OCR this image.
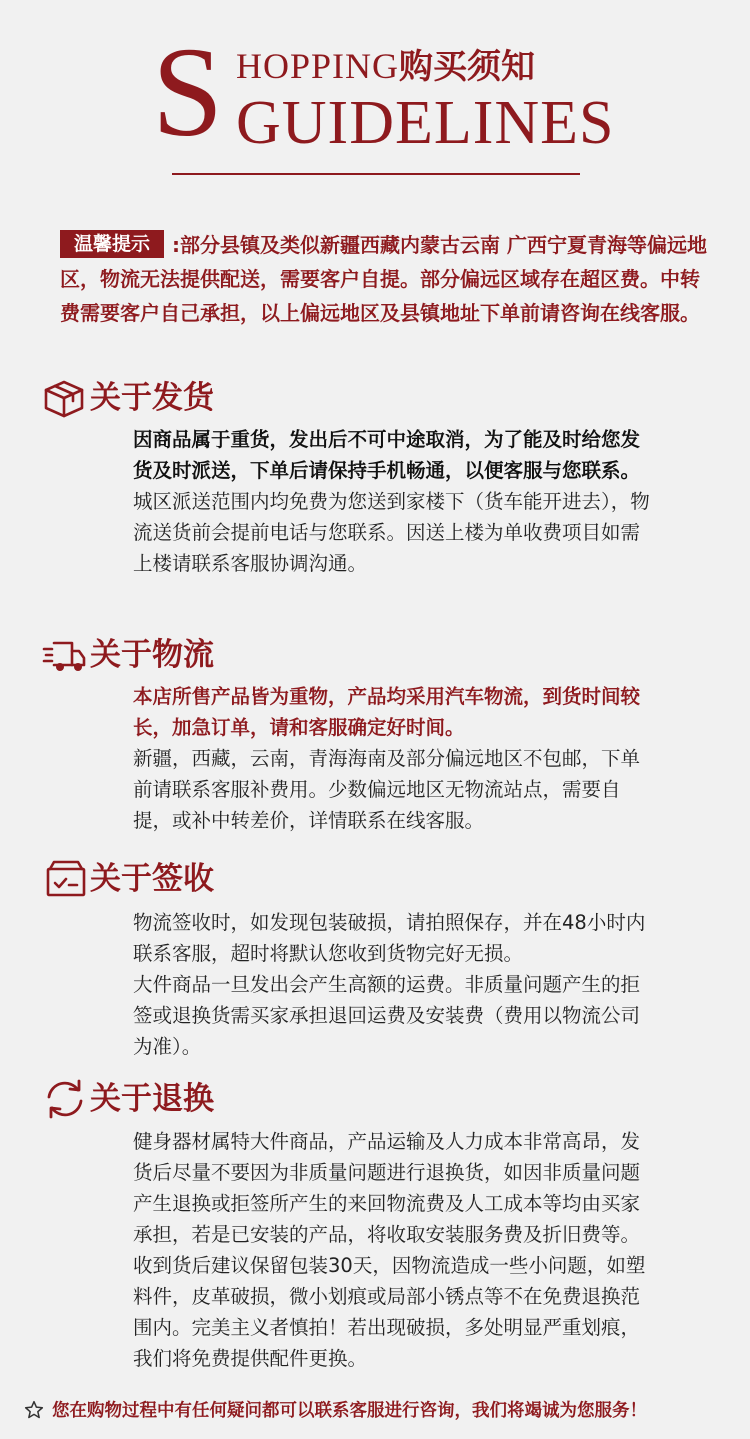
S HOPPING购买须知
GUIDELINES
温馨提示 :部分县镇及类似新疆西藏内蒙古云南 广西宁夏青海等偏远地区，物流无法提供配送，需要客户自提。部分偏远区域存在超区费。中转费需要客户自己承担，以上偏远地区及县镇地址下单前请咨询在线客服。
关于发货

因商品属于重货，发出后不可中途取消，为了能及时给您发货及时派送，下单后请保持手机畅通，以便客服与您联系。

城区派送范围内均免费为您送到家楼下（货车能开进去），物流送货前会提前电话与您联系。因送上楼为单收费项目如需上楼请联系客服协调沟通。

关于物流

本店所售产品皆为重物，产品均采用汽车物流，到货时间较长，加急订单，请和客服确定好时间。

新疆，西藏，云南，青海海南及部分偏远地区不包邮，下单前请联系客服补费用。少数偏远地区无物流站点，需要自提，或补中转差价，详情联系在线客服。

关于签收

物流签收时，如发现包装破损，请拍照保存，并在48小时内联系客服，超时将默认您收到货物完好无损。

大件商品一旦发出会产生高额的运费。非质量问题产生的拒签或退换货需买家承担退回运费及安装费（费用以物流公司为准）。

关于退换

健身器材属特大件商品，产品运输及人力成本非常高昂，发货后尽量不要因为非质量问题进行退换货，如因非质量问题产生退换或拒签所产生的来回物流费及人工成本等均由买家承担，若是已安装的产品，将收取安装服务费及折旧费等。收到货后建议保留包装30天，因物流造成一些小问题，如塑料件，皮革破损，微小划痕或局部小锈点等不在免费退换范围内。完美主义者慎拍！若出现破损，多处明显严重划痕，我们将免费提供配件更换。

您在购物过程中有任何疑问都可以联系客服进行咨询，我们将竭诚为您服务！
